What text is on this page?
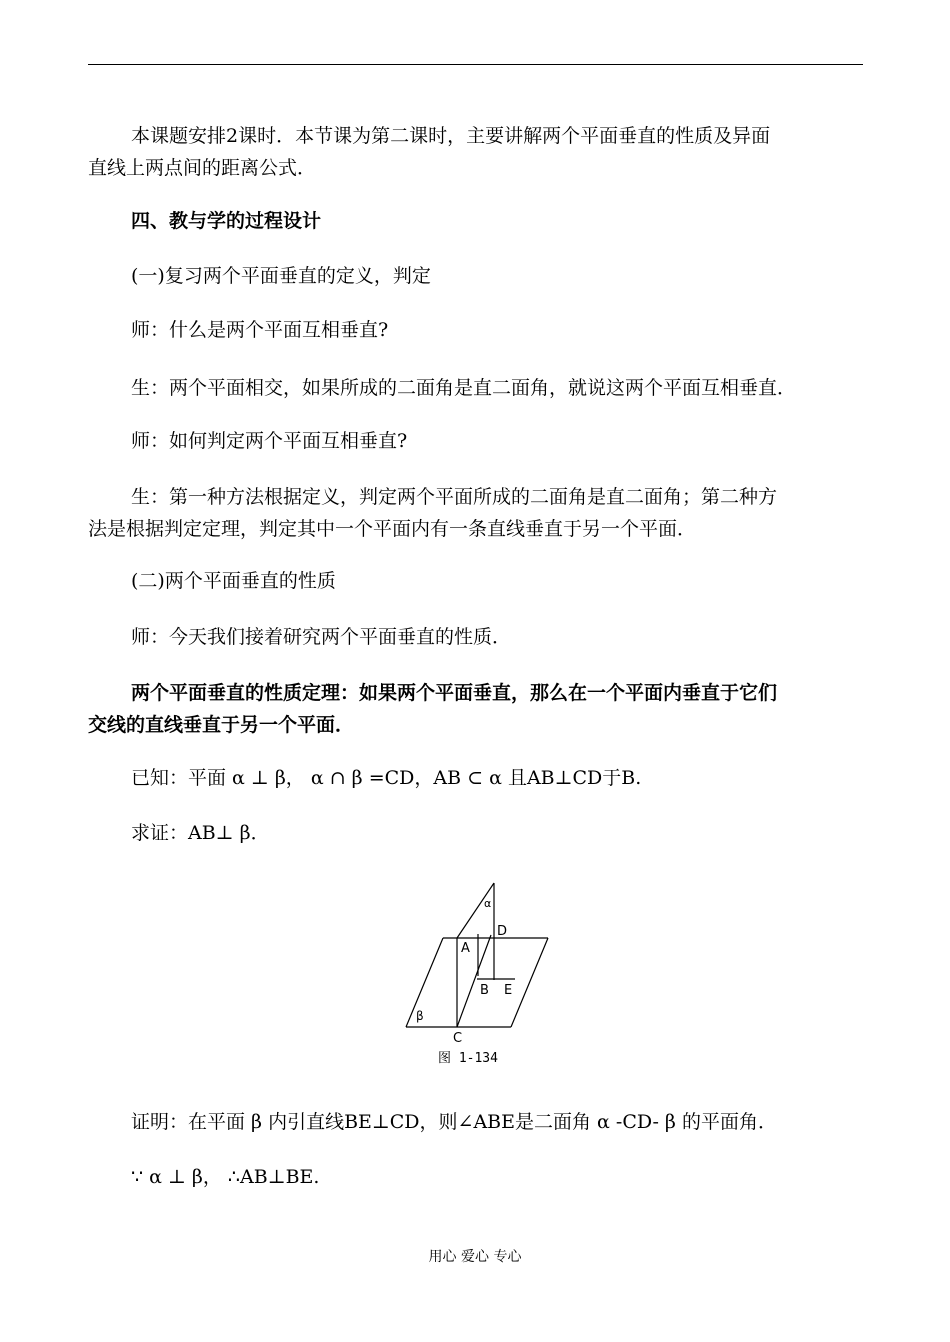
本课题安排2课时．本节课为第二课时，主要讲解两个平面垂直的性质及异面

直线上两点间的距离公式．

四、教与学的过程设计

(一)复习两个平面垂直的定义，判定

师：什么是两个平面互相垂直?

生：两个平面相交，如果所成的二面角是直二面角，就说这两个平面互相垂直．

师：如何判定两个平面互相垂直?

生：第一种方法根据定义，判定两个平面所成的二面角是直二面角；第二种方

法是根据判定定理，判定其中一个平面内有一条直线垂直于另一个平面．

(二)两个平面垂直的性质

师：今天我们接着研究两个平面垂直的性质．

两个平面垂直的性质定理：如果两个平面垂直，那么在一个平面内垂直于它们

交线的直线垂直于另一个平面．

已知：平面 α ⊥ β， α ∩ β =CD，AB ⊂ α 且AB⊥CD于B.

求证：AB⊥ β．

α
β
A
D
B E
C
图 1-134

证明：在平面 β 内引直线BE⊥CD，则∠ABE是二面角 α -CD- β 的平面角．

∵ α ⊥ β， ∴AB⊥BE.

用心 爱心 专心
